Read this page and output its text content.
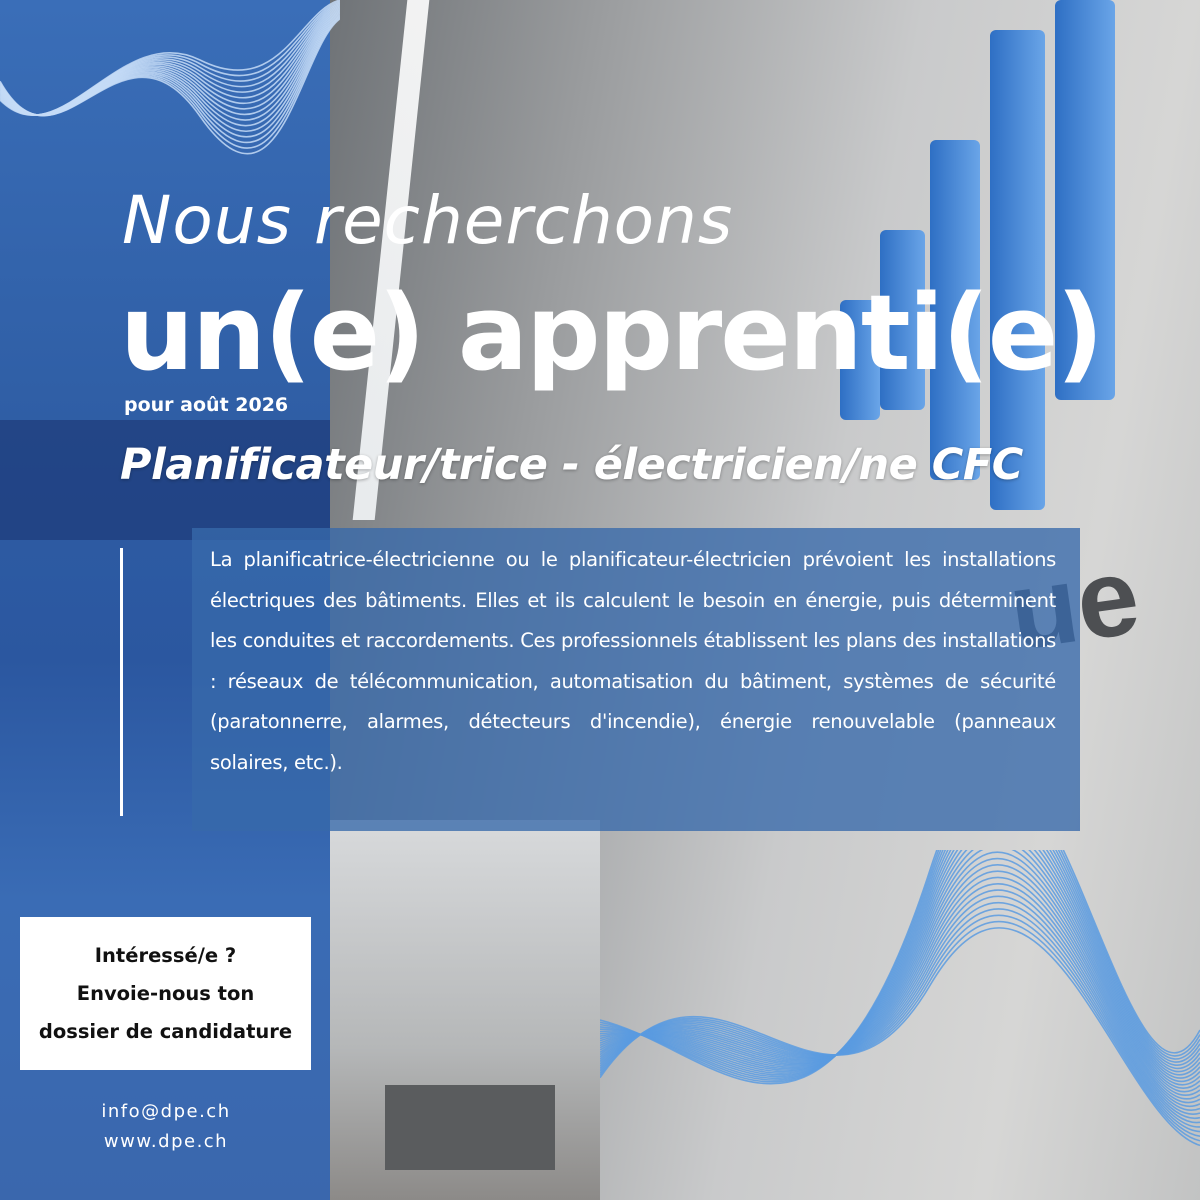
Nous recherchons
un(e) apprenti(e)
pour août 2026
Planificateur/trice - électricien/ne CFC

La planificatrice-électricienne ou le planificateur-électricien prévoient les installations électriques des bâtiments. Elles et ils calculent le besoin en énergie, puis déterminent les conduites et raccordements. Ces professionnels établissent les plans des installations : réseaux de télécommunication, automatisation du bâtiment, systèmes de sécurité (paratonnerre, alarmes, détecteurs d'incendie), énergie renouvelable (panneaux solaires, etc.).

Intéressé/e ?
Envoie-nous ton
dossier de candidature
info@dpe.ch
www.dpe.ch
